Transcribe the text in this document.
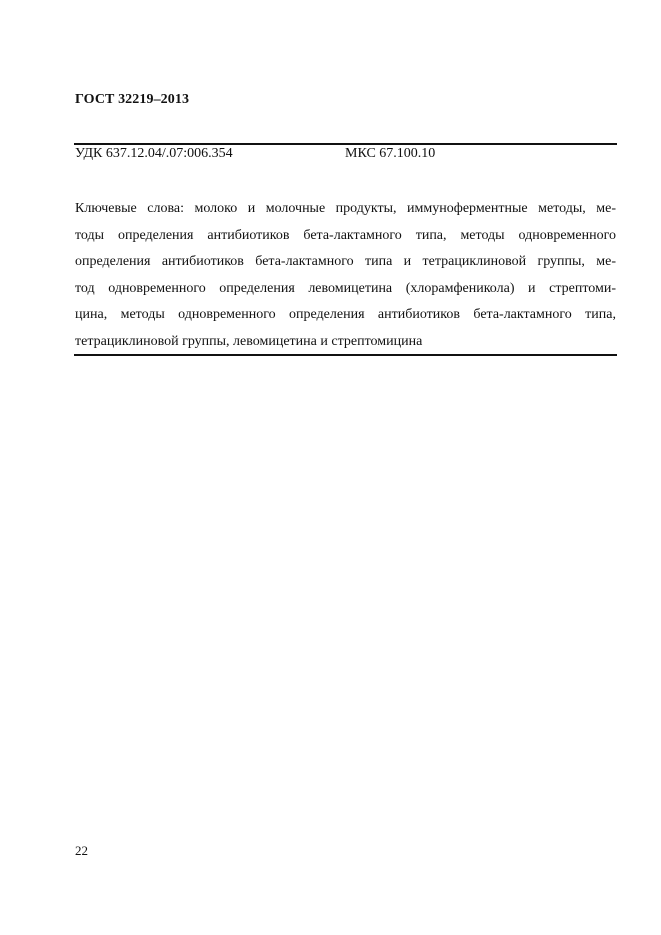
ГОСТ 32219–2013
УДК 637.12.04/.07:006.354	МКС 67.100.10
Ключевые слова: молоко и молочные продукты, иммуноферментные методы, ме-
тоды определения антибиотиков бета-лактамного типа, методы одновременного
определения антибиотиков бета-лактамного типа и тетрациклиновой группы, ме-
тод одновременного определения левомицетина (хлорамфеникола) и стрептоми-
цина, методы одновременного определения антибиотиков бета-лактамного типа,
тетрациклиновой группы, левомицетина и стрептомицина
22
